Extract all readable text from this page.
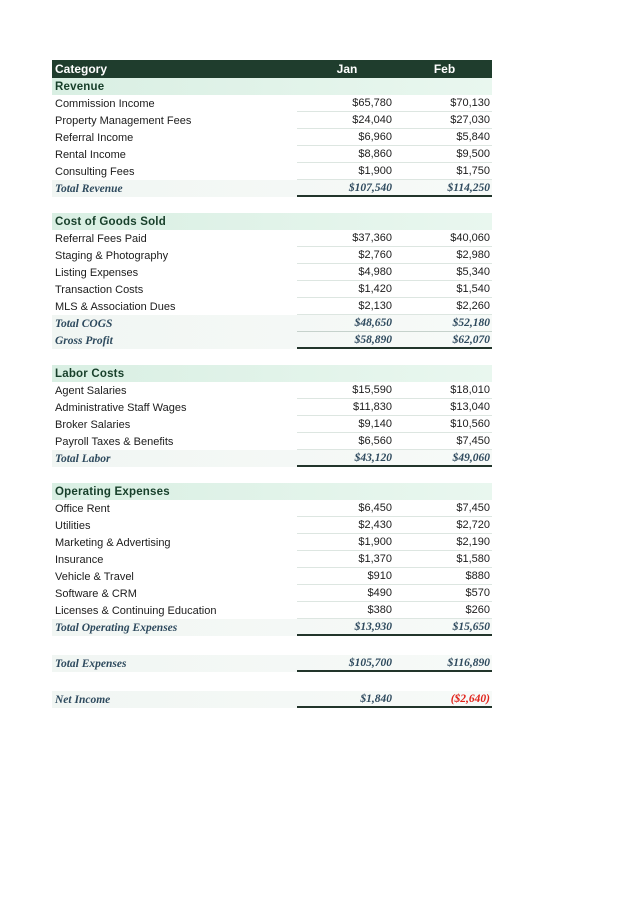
Category	Jan	Feb
Revenue
Commission Income	$65,780	$70,130
Property Management Fees	$24,040	$27,030
Referral Income	$6,960	$5,840
Rental Income	$8,860	$9,500
Consulting Fees	$1,900	$1,750
Total Revenue	$107,540	$114,250
Cost of Goods Sold
Referral Fees Paid	$37,360	$40,060
Staging & Photography	$2,760	$2,980
Listing Expenses	$4,980	$5,340
Transaction Costs	$1,420	$1,540
MLS & Association Dues	$2,130	$2,260
Total COGS	$48,650	$52,180
Gross Profit	$58,890	$62,070
Labor Costs
Agent Salaries	$15,590	$18,010
Administrative Staff Wages	$11,830	$13,040
Broker Salaries	$9,140	$10,560
Payroll Taxes & Benefits	$6,560	$7,450
Total Labor	$43,120	$49,060
Operating Expenses
Office Rent	$6,450	$7,450
Utilities	$2,430	$2,720
Marketing & Advertising	$1,900	$2,190
Insurance	$1,370	$1,580
Vehicle & Travel	$910	$880
Software & CRM	$490	$570
Licenses & Continuing Education	$380	$260
Total Operating Expenses	$13,930	$15,650
Total Expenses	$105,700	$116,890
Net Income	$1,840	($2,640)
